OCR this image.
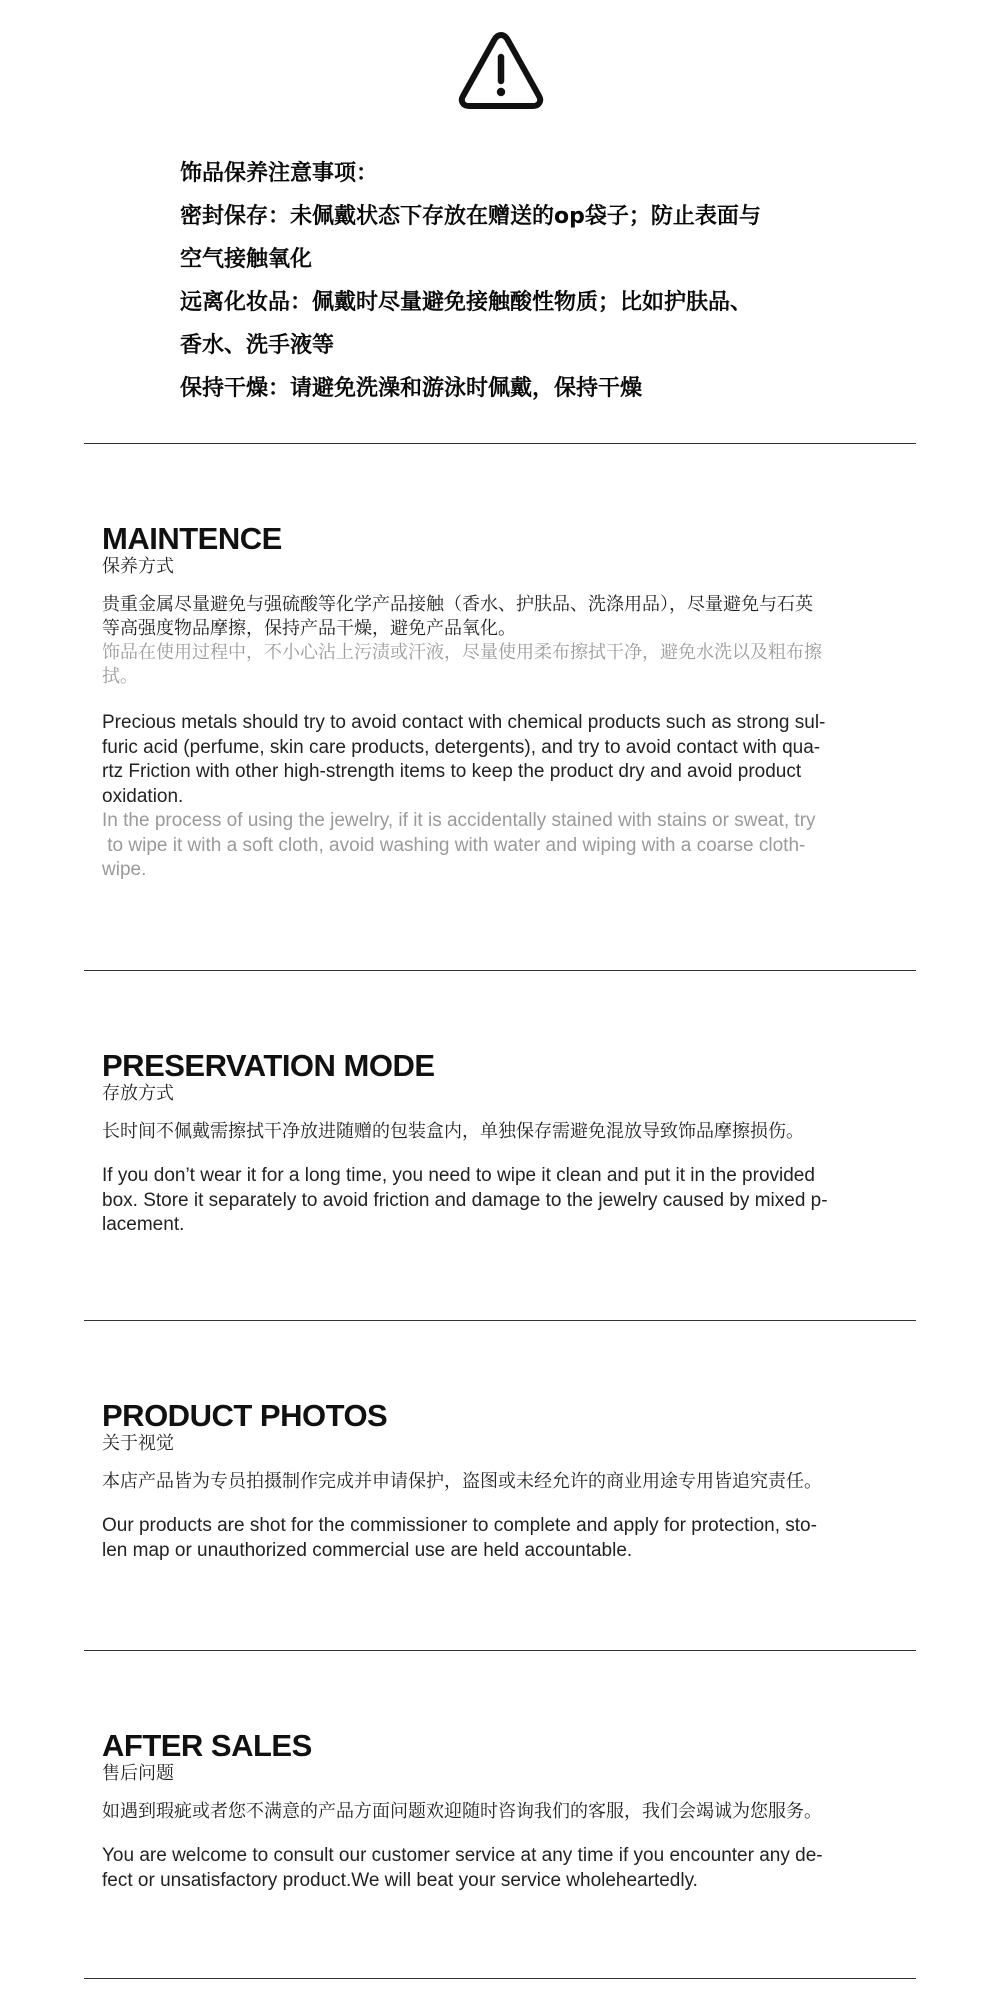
饰品保养注意事项：

密封保存：未佩戴状态下存放在赠送的op袋子；防止表面与

空气接触氧化

远离化妆品：佩戴时尽量避免接触酸性物质；比如护肤品、

香水、洗手液等

保持干燥：请避免洗澡和游泳时佩戴，保持干燥

MAINTENCE

保养方式

贵重金属尽量避免与强硫酸等化学产品接触（香水、护肤品、洗涤用品），尽量避免与石英

等高强度物品摩擦，保持产品干燥，避免产品氧化。

饰品在使用过程中，不小心沾上污渍或汗液，尽量使用柔布擦拭干净，避免水洗以及粗布擦

拭。

Precious metals should try to avoid contact with chemical products such as strong sul-

furic acid (perfume, skin care products, detergents), and try to avoid contact with qua-

rtz Friction with other high-strength items to keep the product dry and avoid product

oxidation.

In the process of using the jewelry, if it is accidentally stained with stains or sweat, try

to wipe it with a soft cloth, avoid washing with water and wiping with a coarse cloth-

wipe.

PRESERVATION MODE

存放方式

长时间不佩戴需擦拭干净放进随赠的包装盒内，单独保存需避免混放导致饰品摩擦损伤。

If you don’t wear it for a long time, you need to wipe it clean and put it in the provided

box. Store it separately to avoid friction and damage to the jewelry caused by mixed p-

lacement.

PRODUCT PHOTOS

关于视觉

本店产品皆为专员拍摄制作完成并申请保护，盗图或未经允许的商业用途专用皆追究责任。

Our products are shot for the commissioner to complete and apply for protection, sto-

len map or unauthorized commercial use are held accountable.

AFTER SALES

售后问题

如遇到瑕疵或者您不满意的产品方面问题欢迎随时咨询我们的客服，我们会竭诚为您服务。

You are welcome to consult our customer service at any time if you encounter any de-

fect or unsatisfactory product.We will beat your service wholeheartedly.
